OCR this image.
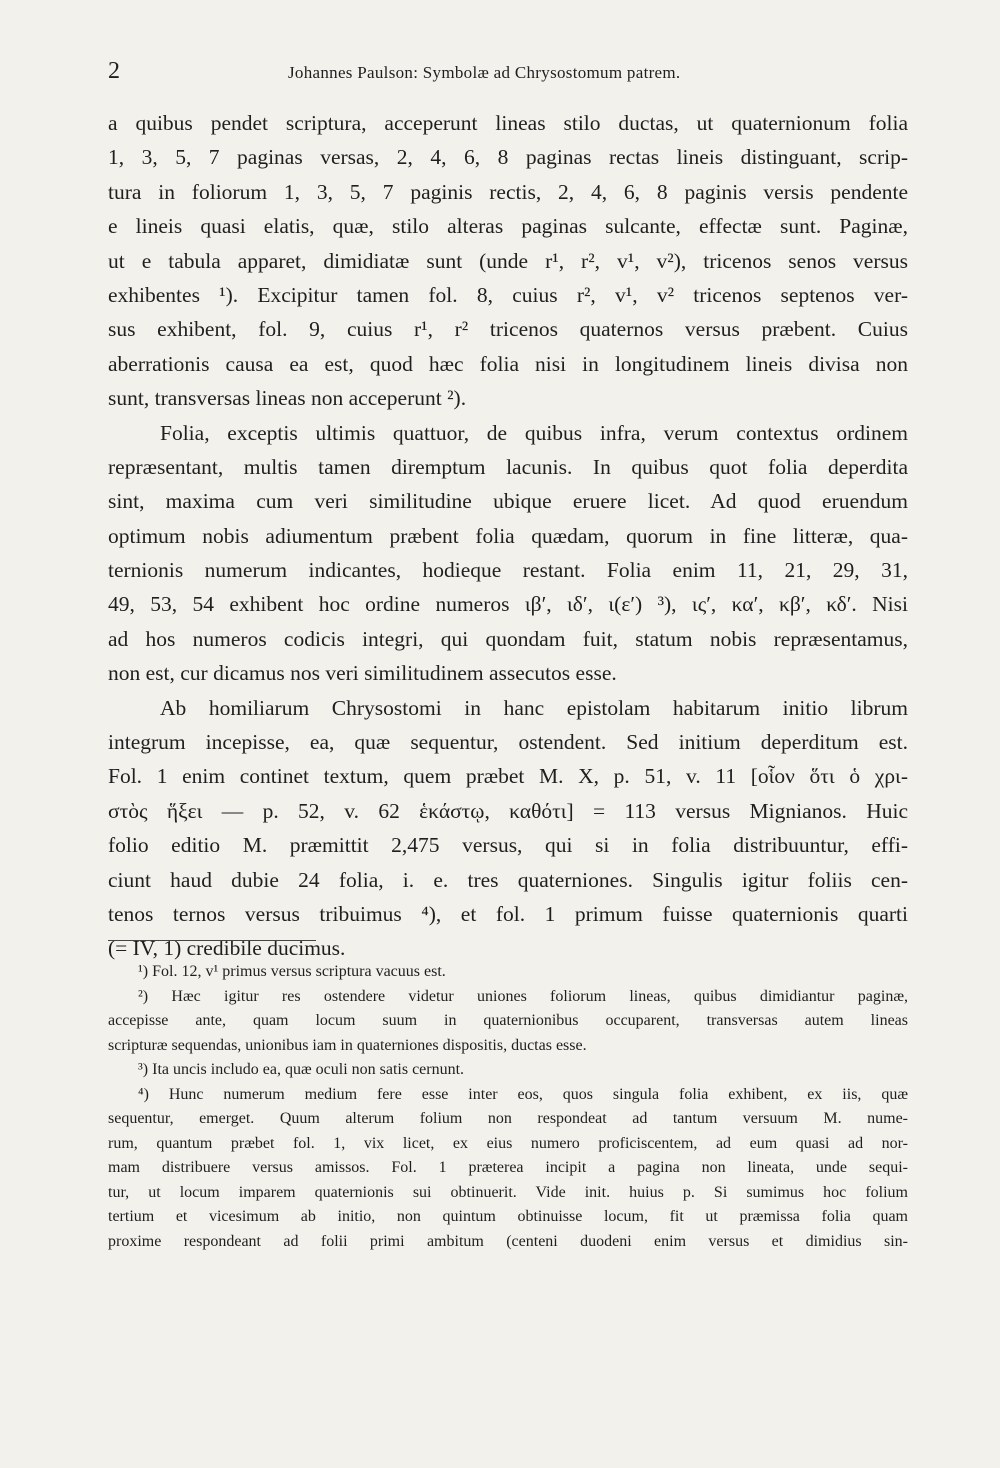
2	Johannes Paulson: Symbolæ ad Chrysostomum patrem.
a quibus pendet scriptura, acceperunt lineas stilo ductas, ut quaternionum folia
1, 3, 5, 7 paginas versas, 2, 4, 6, 8 paginas rectas lineis distinguant, scrip-
tura in foliorum 1, 3, 5, 7 paginis rectis, 2, 4, 6, 8 paginis versis pendente
e lineis quasi elatis, quæ, stilo alteras paginas sulcante, effectæ sunt. Paginæ,
ut e tabula apparet, dimidiatæ sunt (unde r¹, r², v¹, v²), tricenos senos versus
exhibentes ¹). Excipitur tamen fol. 8, cuius r², v¹, v² tricenos septenos ver-
sus exhibent, fol. 9, cuius r¹, r² tricenos quaternos versus præbent. Cuius
aberrationis causa ea est, quod hæc folia nisi in longitudinem lineis divisa non
sunt, transversas lineas non acceperunt ²).
Folia, exceptis ultimis quattuor, de quibus infra, verum contextus ordinem
repræsentant, multis tamen diremptum lacunis. In quibus quot folia deperdita
sint, maxima cum veri similitudine ubique eruere licet. Ad quod eruendum
optimum nobis adiumentum præbent folia quædam, quorum in fine litteræ, qua-
ternionis numerum indicantes, hodieque restant. Folia enim 11, 21, 29, 31,
49, 53, 54 exhibent hoc ordine numeros ιβ′, ιδ′, ι(ε′) ³), ις′, κα′, κβ′, κδ′. Nisi
ad hos numeros codicis integri, qui quondam fuit, statum nobis repræsentamus,
non est, cur dicamus nos veri similitudinem assecutos esse.
Ab homiliarum Chrysostomi in hanc epistolam habitarum initio librum
integrum incepisse, ea, quæ sequentur, ostendent. Sed initium deperditum est.
Fol. 1 enim continet textum, quem præbet M. X, p. 51, v. 11 [οἷον ὅτι ὁ χρι-
στὸς ἥξει — p. 52, v. 62 ἑκάστῳ, καθότι] = 113 versus Mignianos. Huic
folio editio M. præmittit 2,475 versus, qui si in folia distribuuntur, effi-
ciunt haud dubie 24 folia, i. e. tres quaterniones. Singulis igitur foliis cen-
tenos ternos versus tribuimus ⁴), et fol. 1 primum fuisse quaternionis quarti
(= IV, 1) credibile ducimus.
¹) Fol. 12, v¹ primus versus scriptura vacuus est.
²) Hæc igitur res ostendere videtur uniones foliorum lineas, quibus dimidiantur paginæ,
accepisse ante, quam locum suum in quaternionibus occuparent, transversas autem lineas
scripturæ sequendas, unionibus iam in quaterniones dispositis, ductas esse.
³) Ita uncis includo ea, quæ oculi non satis cernunt.
⁴) Hunc numerum medium fere esse inter eos, quos singula folia exhibent, ex iis, quæ
sequentur, emerget. Quum alterum folium non respondeat ad tantum versuum M. nume-
rum, quantum præbet fol. 1, vix licet, ex eius numero proficiscentem, ad eum quasi ad nor-
mam distribuere versus amissos. Fol. 1 præterea incipit a pagina non lineata, unde sequi-
tur, ut locum imparem quaternionis sui obtinuerit. Vide init. huius p. Si sumimus hoc folium
tertium et vicesimum ab initio, non quintum obtinuisse locum, fit ut præmissa folia quam
proxime respondeant ad folii primi ambitum (centeni duodeni enim versus et dimidius sin-
